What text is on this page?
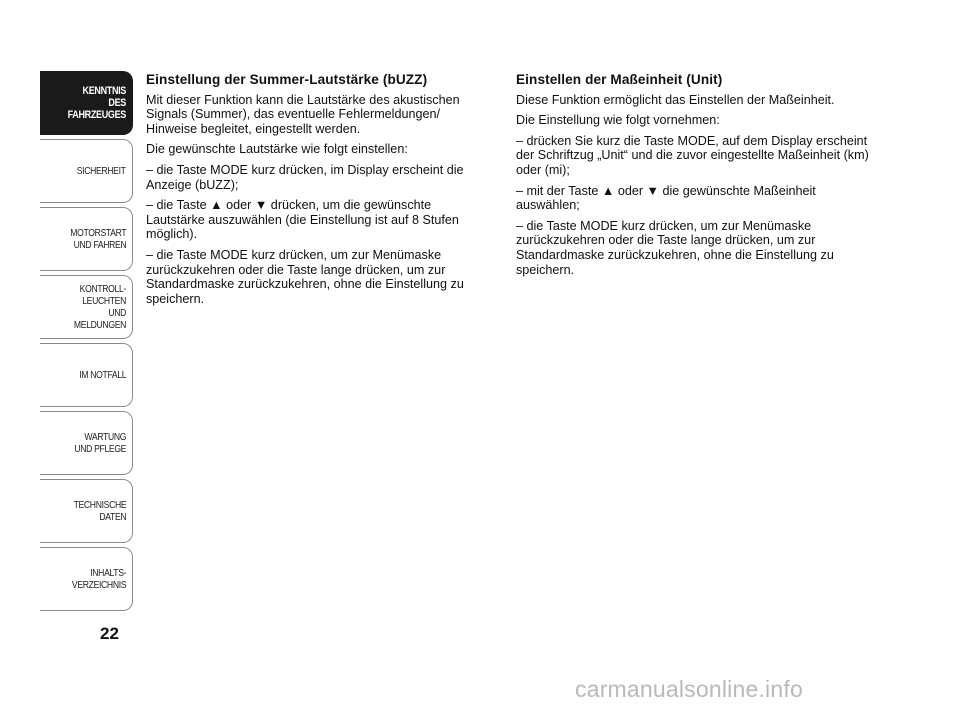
KENNTNIS
DES FAHRZEUGES
SICHERHEIT
MOTORSTART
UND FAHREN
KONTROLL-
LEUCHTEN
UND MELDUNGEN
IM NOTFALL
WARTUNG
UND PFLEGE
TECHNISCHE
DATEN
INHALTS-
VERZEICHNIS
22
Einstellung der Summer-Lautstärke (bUZZ)

Mit dieser Funktion kann die Lautstärke des akustischen Signals (Summer), das eventuelle Fehlermeldungen/ Hinweise begleitet, eingestellt werden.

Die gewünschte Lautstärke wie folgt einstellen:

– die Taste MODE kurz drücken, im Display erscheint die Anzeige (bUZZ);

– die Taste ▲ oder ▼ drücken, um die gewünschte Lautstärke auszuwählen (die Einstellung ist auf 8 Stufen möglich).

– die Taste MODE kurz drücken, um zur Menümaske zurückzukehren oder die Taste lange drücken, um zur Standardmaske zurückzukehren, ohne die Einstellung zu speichern.

Einstellen der Maßeinheit (Unit)

Diese Funktion ermöglicht das Einstellen der Maßeinheit.

Die Einstellung wie folgt vornehmen:

– drücken Sie kurz die Taste MODE, auf dem Display erscheint der Schriftzug „Unit“ und die zuvor eingestellte Maßeinheit (km) oder (mi);

– mit der Taste ▲ oder ▼ die gewünschte Maßeinheit auswählen;

– die Taste MODE kurz drücken, um zur Menümaske zurückzukehren oder die Taste lange drücken, um zur Standardmaske zurückzukehren, ohne die Einstellung zu speichern.

carmanualsonline.info
